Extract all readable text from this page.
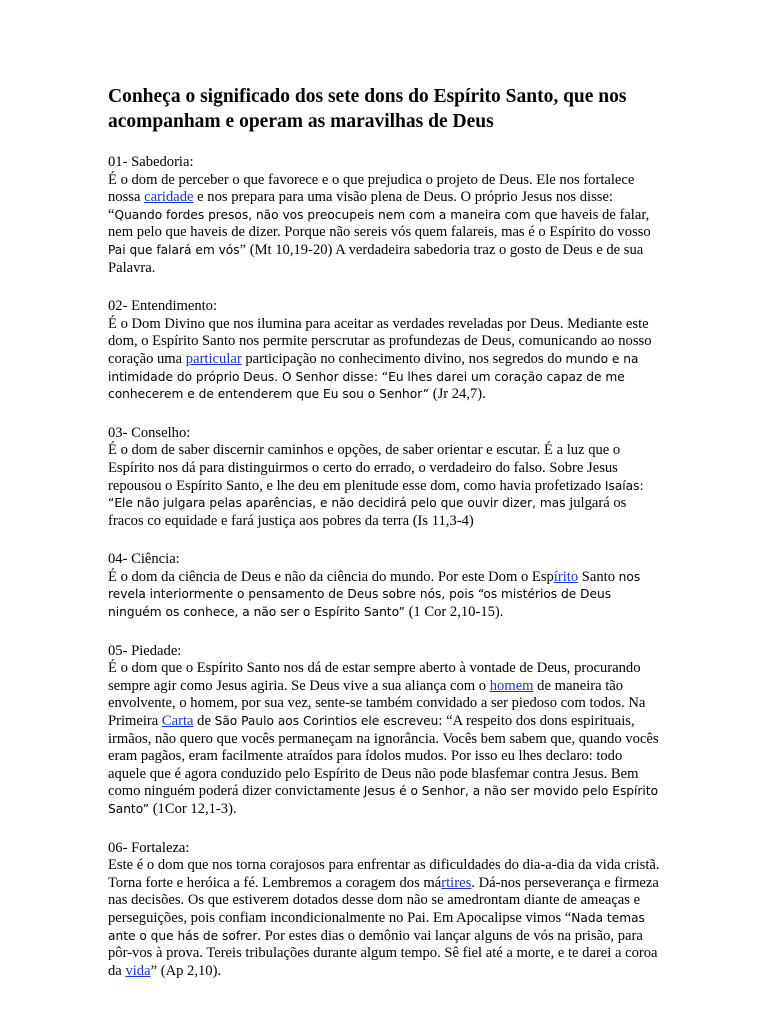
Conheça o significado dos sete dons do Espírito Santo, que nos acompanham e operam as maravilhas de Deus

01- Sabedoria:

É o dom de perceber o que favorece e o que prejudica o projeto de Deus. Ele nos fortalece nossa caridade e nos prepara para uma visão plena de Deus. O próprio Jesus nos disse: “Quando fordes presos, não vos preocupeis nem com a maneira com que haveis de falar, nem pelo que haveis de dizer. Porque não sereis vós quem falareis, mas é o Espírito do vosso Pai que falará em vós” (Mt 10,19-20) A verdadeira sabedoria traz o gosto de Deus e de sua Palavra.

02- Entendimento:

É o Dom Divino que nos ilumina para aceitar as verdades reveladas por Deus. Mediante este dom, o Espírito Santo nos permite perscrutar as profundezas de Deus, comunicando ao nosso coração uma particular participação no conhecimento divino, nos segredos do mundo e na intimidade do próprio Deus. O Senhor disse: “Eu lhes darei um coração capaz de me conhecerem e de entenderem que Eu sou o Senhor” (Jr 24,7).

03- Conselho:

É o dom de saber discernir caminhos e opções, de saber orientar e escutar. É a luz que o Espírito nos dá para distinguirmos o certo do errado, o verdadeiro do falso. Sobre Jesus repousou o Espírito Santo, e lhe deu em plenitude esse dom, como havia profetizado Isaías: “Ele não julgara pelas aparências, e não decidirá pelo que ouvir dizer, mas julgará os fracos co equidade e fará justiça aos pobres da terra (Is 11,3-4)

04- Ciência:

É o dom da ciência de Deus e não da ciência do mundo. Por este Dom o Espírito Santo nos revela interiormente o pensamento de Deus sobre nós, pois “os mistérios de Deus ninguém os conhece, a não ser o Espírito Santo” (1 Cor 2,10-15).

05- Piedade:

É o dom que o Espírito Santo nos dá de estar sempre aberto à vontade de Deus, procurando sempre agir como Jesus agiria. Se Deus vive a sua aliança com o homem de maneira tão envolvente, o homem, por sua vez, sente-se também convidado a ser piedoso com todos. Na Primeira Carta de São Paulo aos Corintios ele escreveu: “A respeito dos dons espirituais, irmãos, não quero que vocês permaneçam na ignorância. Vocês bem sabem que, quando vocês eram pagãos, eram facilmente atraídos para ídolos mudos. Por isso eu lhes declaro: todo aquele que é agora conduzido pelo Espírito de Deus não pode blasfemar contra Jesus. Bem como ninguém poderá dizer convictamente Jesus é o Senhor, a não ser movido pelo Espírito Santo” (1Cor 12,1-3).

06- Fortaleza:

Este é o dom que nos torna corajosos para enfrentar as dificuldades do dia-a-dia da vida cristã. Torna forte e heróica a fé. Lembremos a coragem dos mártires. Dá-nos perseverança e firmeza nas decisões. Os que estiverem dotados desse dom não se amedrontam diante de ameaças e perseguições, pois confiam incondicionalmente no Pai. Em Apocalipse vimos “Nada temas ante o que hás de sofrer. Por estes dias o demônio vai lançar alguns de vós na prisão, para pôr-vos à prova. Tereis tribulações durante algum tempo. Sê fiel até a morte, e te darei a coroa da vida” (Ap 2,10).
